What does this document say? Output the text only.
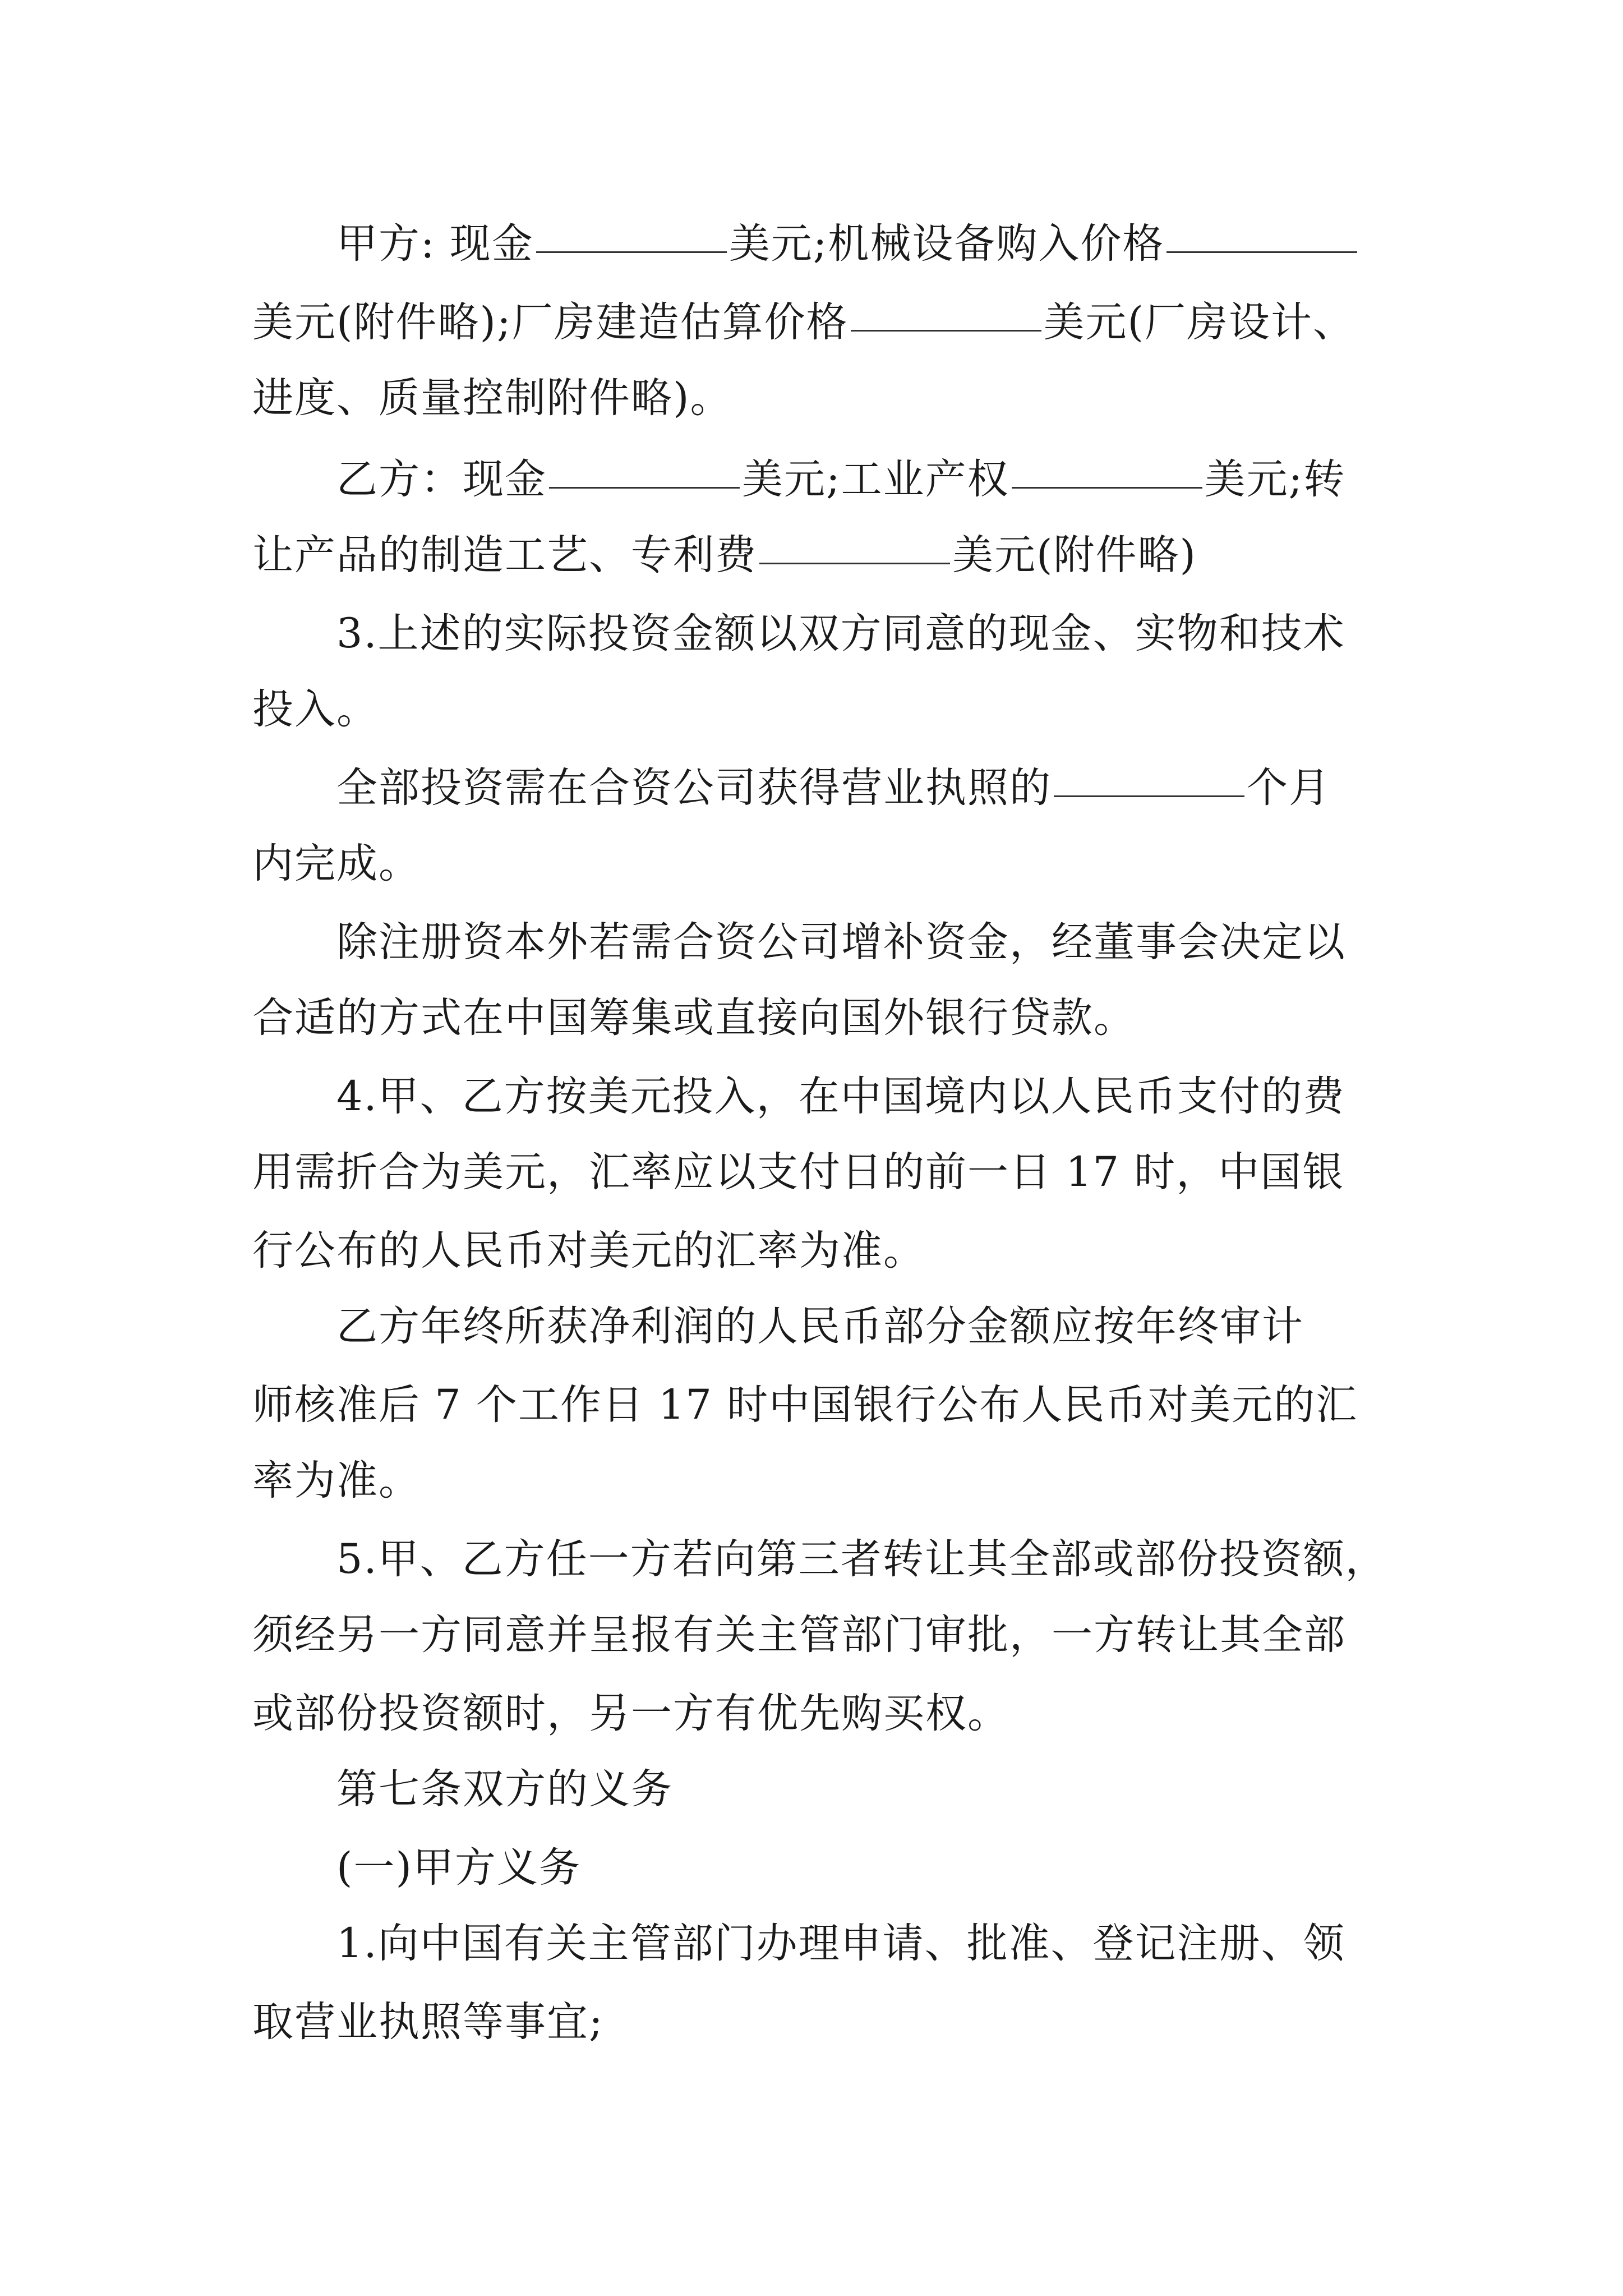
甲方: 现金	美元;机械设备购入价格
美元(附件略);厂房建造估算价格	美元(厂房设计、
进度、质量控制附件略)。
乙方：现金	美元;工业产权	美元;转
让产品的制造工艺、专利费	美元(附件略)
3.上述的实际投资金额以双方同意的现金、实物和技术
投入。
全部投资需在合资公司获得营业执照的	个月
内完成。
除注册资本外若需合资公司增补资金，经董事会决定以
合适的方式在中国筹集或直接向国外银行贷款。
4.甲、乙方按美元投入，在中国境内以人民币支付的费
用需折合为美元，汇率应以支付日的前一日 17 时，中国银
行公布的人民币对美元的汇率为准。
乙方年终所获净利润的人民币部分金额应按年终审计
师核准后 7 个工作日 17 时中国银行公布人民币对美元的汇
率为准。
5.甲、乙方任一方若向第三者转让其全部或部份投资额，
须经另一方同意并呈报有关主管部门审批，一方转让其全部
或部份投资额时，另一方有优先购买权。
第七条双方的义务
(一)甲方义务
1.向中国有关主管部门办理申请、批准、登记注册、领
取营业执照等事宜;
